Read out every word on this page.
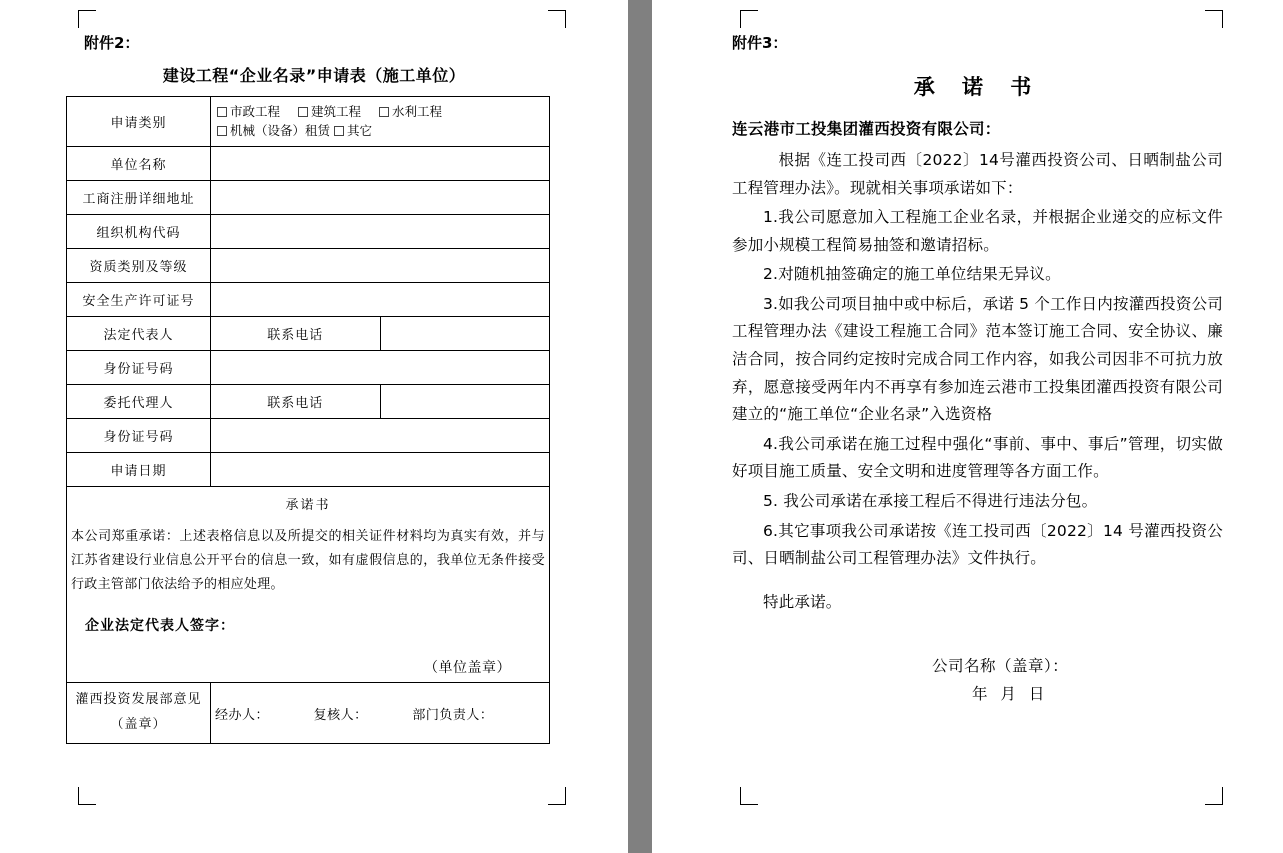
附件2：
建设工程“企业名录”申请表（施工单位）
申请类别	市政工程 建筑工程 水利工程
机械（设备）租赁 其它	

单位名称		
工商注册详细地址		
组织机构代码		
资质类别及等级		
安全生产许可证号		
法定代表人	联系电话	
身份证号码		
委托代理人	联系电话	
身份证号码		
申请日期		
承诺书		
本公司郑重承诺：上述表格信息以及所提交的相关证件材料均为真实有效，并与江苏省建设行业信息公开平台的信息一致，如有虚假信息的，我单位无条件接受行政主管部门依法给予的相应处理。		

企业法定代表人签字：
（单位盖章）		

灌西投资发展部意见（盖章）	经办人： 复核人： 部门负责人：	
附件3：
承 诺 书
连云港市工投集团灌西投资有限公司：

根据《连工投司西〔2022〕14号灌西投资公司、日晒制盐公司工程管理办法》。现就相关事项承诺如下：

1.我公司愿意加入工程施工企业名录，并根据企业递交的应标文件参加小规模工程简易抽签和邀请招标。

2.对随机抽签确定的施工单位结果无异议。

3.如我公司项目抽中或中标后，承诺 5 个工作日内按灌西投资公司工程管理办法《建设工程施工合同》范本签订施工合同、安全协议、廉洁合同，按合同约定按时完成合同工作内容，如我公司因非不可抗力放弃，愿意接受两年内不再享有参加连云港市工投集团灌西投资有限公司建立的“施工单位“企业名录”入选资格

4.我公司承诺在施工过程中强化“事前、事中、事后”管理，切实做好项目施工质量、安全文明和进度管理等各方面工作。

5. 我公司承诺在承接工程后不得进行违法分包。

6.其它事项我公司承诺按《连工投司西〔2022〕14 号灌西投资公司、日晒制盐公司工程管理办法》文件执行。

特此承诺。

公司名称（盖章）：
年 月 日
